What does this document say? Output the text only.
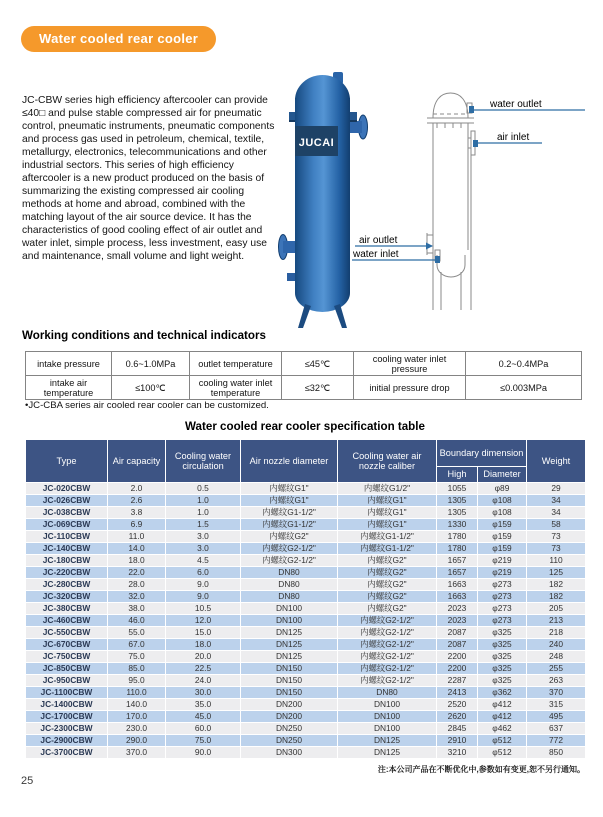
Water cooled rear cooler

JC-CBW series high efficiency aftercooler can provide ≤40□ and pulse stable compressed air for pneumatic control, pneumatic instruments, pneumatic components and process gas used in petroleum, chemical, textile, metallurgy, electronics, telecommunications and other industrial sectors. This series of high efficiency aftercooler is a new product produced on the basis of summarizing the existing compressed air cooling methods at home and abroad, combined with the matching layout of the air source device. It has the characteristics of good cooling effect of air outlet and water inlet, simple process, less investment, easy use and maintenance, small volume and light weight.

JUCAI
water outlet
air inlet
air outlet
water inlet
Working conditions and technical indicators
intake pressure	0.6~1.0MPa	outlet temperature	≤45℃	cooling water inlet pressure	0.2~0.4MPa
intake air temperature	≤100℃	cooling water inlet temperature	≤32℃	initial pressure drop	≤0.003MPa
•JC-CBA series air cooled rear cooler can be customized.
Water cooled rear cooler specification table
Type	Air capacity	Cooling water circulation	Air nozzle diameter	Cooling water air nozzle caliber	Boundary dimension		Weight
					High	Diameter	
JC-020CBW	2.0	0.5	内螺纹G1"	内螺纹G1/2"	1055	φ89	29
JC-026CBW	2.6	1.0	内螺纹G1"	内螺纹G1"	1305	φ108	34
JC-038CBW	3.8	1.0	内螺纹G1-1/2"	内螺纹G1"	1305	φ108	34
JC-069CBW	6.9	1.5	内螺纹G1-1/2"	内螺纹G1"	1330	φ159	58
JC-110CBW	11.0	3.0	内螺纹G2"	内螺纹G1-1/2"	1780	φ159	73
JC-140CBW	14.0	3.0	内螺纹G2-1/2"	内螺纹G1-1/2"	1780	φ159	73
JC-180CBW	18.0	4.5	内螺纹G2-1/2"	内螺纹G2"	1657	φ219	110
JC-220CBW	22.0	6.0	DN80	内螺纹G2"	1657	φ219	125
JC-280CBW	28.0	9.0	DN80	内螺纹G2"	1663	φ273	182
JC-320CBW	32.0	9.0	DN80	内螺纹G2"	1663	φ273	182
JC-380CBW	38.0	10.5	DN100	内螺纹G2"	2023	φ273	205
JC-460CBW	46.0	12.0	DN100	内螺纹G2-1/2"	2023	φ273	213
JC-550CBW	55.0	15.0	DN125	内螺纹G2-1/2"	2087	φ325	218
JC-670CBW	67.0	18.0	DN125	内螺纹G2-1/2"	2087	φ325	240
JC-750CBW	75.0	20.0	DN125	内螺纹G2-1/2"	2200	φ325	248
JC-850CBW	85.0	22.5	DN150	内螺纹G2-1/2"	2200	φ325	255
JC-950CBW	95.0	24.0	DN150	内螺纹G2-1/2"	2287	φ325	263
JC-1100CBW	110.0	30.0	DN150	DN80	2413	φ362	370
JC-1400CBW	140.0	35.0	DN200	DN100	2520	φ412	315
JC-1700CBW	170.0	45.0	DN200	DN100	2620	φ412	495
JC-2300CBW	230.0	60.0	DN250	DN100	2845	φ462	637
JC-2900CBW	290.0	75.0	DN250	DN125	2910	φ512	772
JC-3700CBW	370.0	90.0	DN300	DN125	3210	φ512	850
注:本公司产品在不断优化中,参数如有变更,恕不另行通知。
25
